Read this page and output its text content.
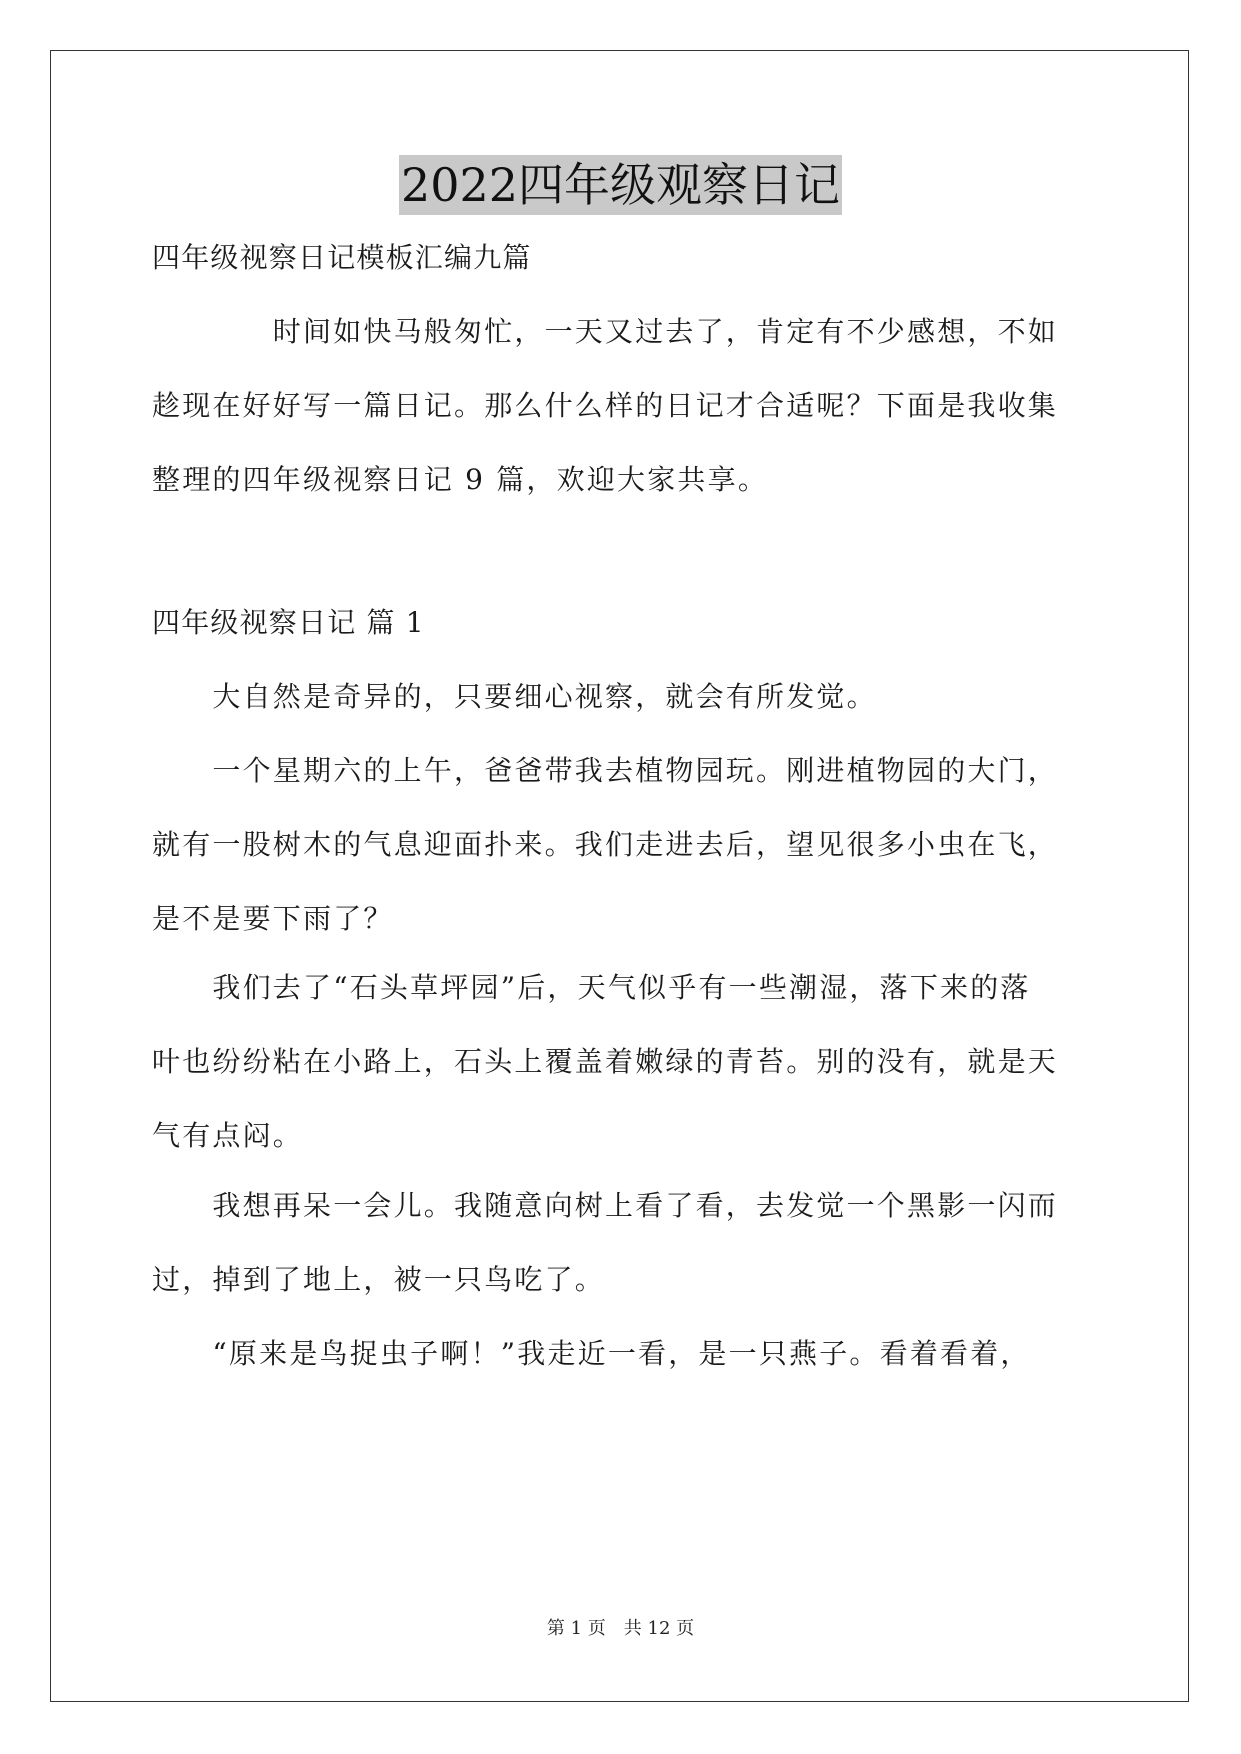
2022四年级观察日记
四年级视察日记模板汇编九篇
　　　　时间如快马般匆忙，一天又过去了，肯定有不少感想，不如
趁现在好好写一篇日记。那么什么样的日记才合适呢？下面是我收集
整理的四年级视察日记 9 篇，欢迎大家共享。
四年级视察日记 篇 1
　　大自然是奇异的，只要细心视察，就会有所发觉。
　　一个星期六的上午，爸爸带我去植物园玩。刚进植物园的大门，
就有一股树木的气息迎面扑来。我们走进去后，望见很多小虫在飞，
是不是要下雨了？
　　我们去了“石头草坪园”后，天气似乎有一些潮湿，落下来的落
叶也纷纷粘在小路上，石头上覆盖着嫩绿的青苔。别的没有，就是天
气有点闷。
　　我想再呆一会儿。我随意向树上看了看，去发觉一个黑影一闪而
过，掉到了地上，被一只鸟吃了。
　　“原来是鸟捉虫子啊！”我走近一看，是一只燕子。看着看着，
第 1 页　共 12 页
